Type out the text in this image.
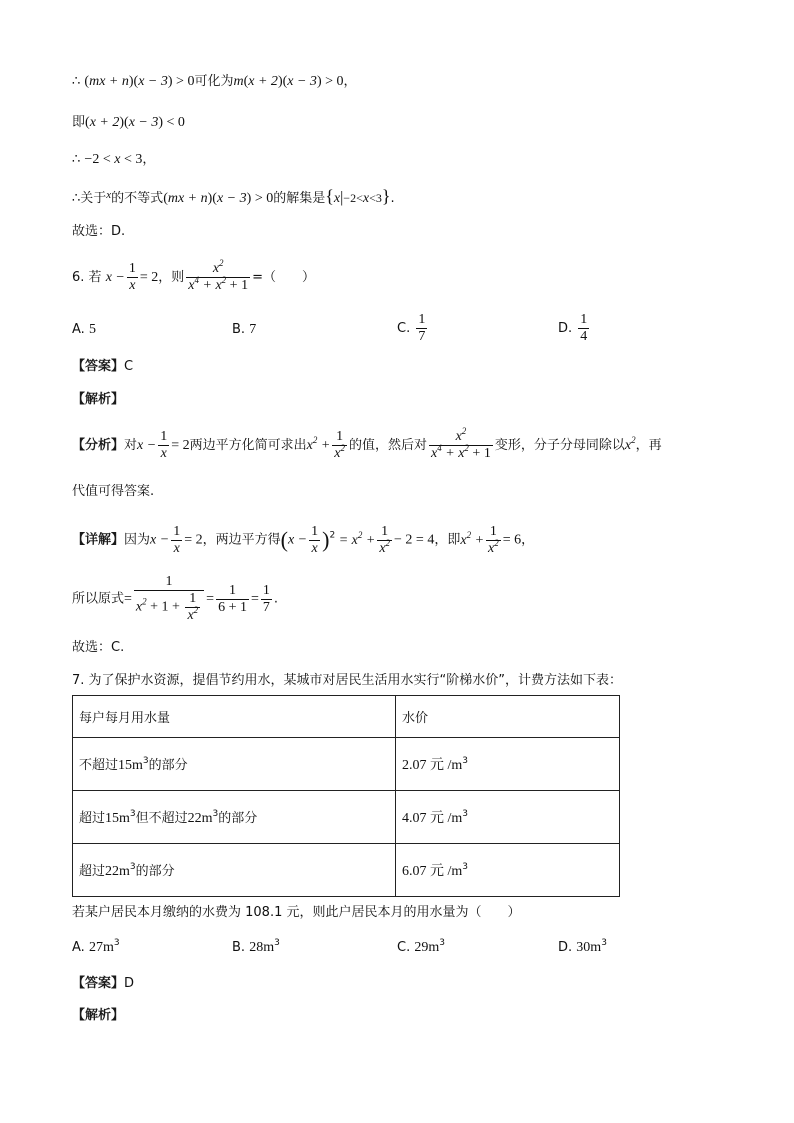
∴ (mx + n)(x − 3) > 0可化为m(x + 2)(x − 3) > 0，
即(x + 2)(x − 3) < 0
∴ −2 < x < 3，
∴关于$^x$的不等式(mx + n)(x − 3) > 0的解集是{x|−2<x<3}.
故选：D.
6. 若 $x - \frac{1}{x} = 2$，则 $\frac{x^2}{x^4 + x^2 + 1}$ =（　　）
A. 5	B. 7	C. $\frac{1}{7}$	D. $\frac{1}{4}$
【答案】C
【解析】
【分析】对$x - \frac{1}{x} = 2$两边平方化简可求出$x^2 + \frac{1}{x^2}$ 的值，然后对 $\frac{x^2}{x^4 + x^2 + 1}$ 变形，分子分母同除以$x^2$，再
代值可得答案.
【详解】因为$x - \frac{1}{x} = 2$，两边平方得$(x - \frac{1}{x} )^2 = x^2 + \frac{1}{x^2} - 2 = 4$，即$x^2 + \frac{1}{x^2} = 6$，
所以原式= $\frac{1}{x^2 + 1 + \frac{1}{x^2}} = \frac{1}{6 + 1} = \frac{1}{7}$ .
故选：C.
7. 为了保护水资源，提倡节约用水，某城市对居民生活用水实行“阶梯水价”，计费方法如下表：
每户每月用水量	水价
不超过$15m^3$的部分	2.07 元 $/m^3$
超过$15m^3$但不超过$22m^3$的部分	4.07 元 $/m^3$
超过$22m^3$的部分	6.07 元 $/m^3$
若某户居民本月缴纳的水费为 108.1 元，则此户居民本月的用水量为（　　）
A. $27m^3$	B. $28m^3$	C. $29m^3$	D. $30m^3$
【答案】D
【解析】
